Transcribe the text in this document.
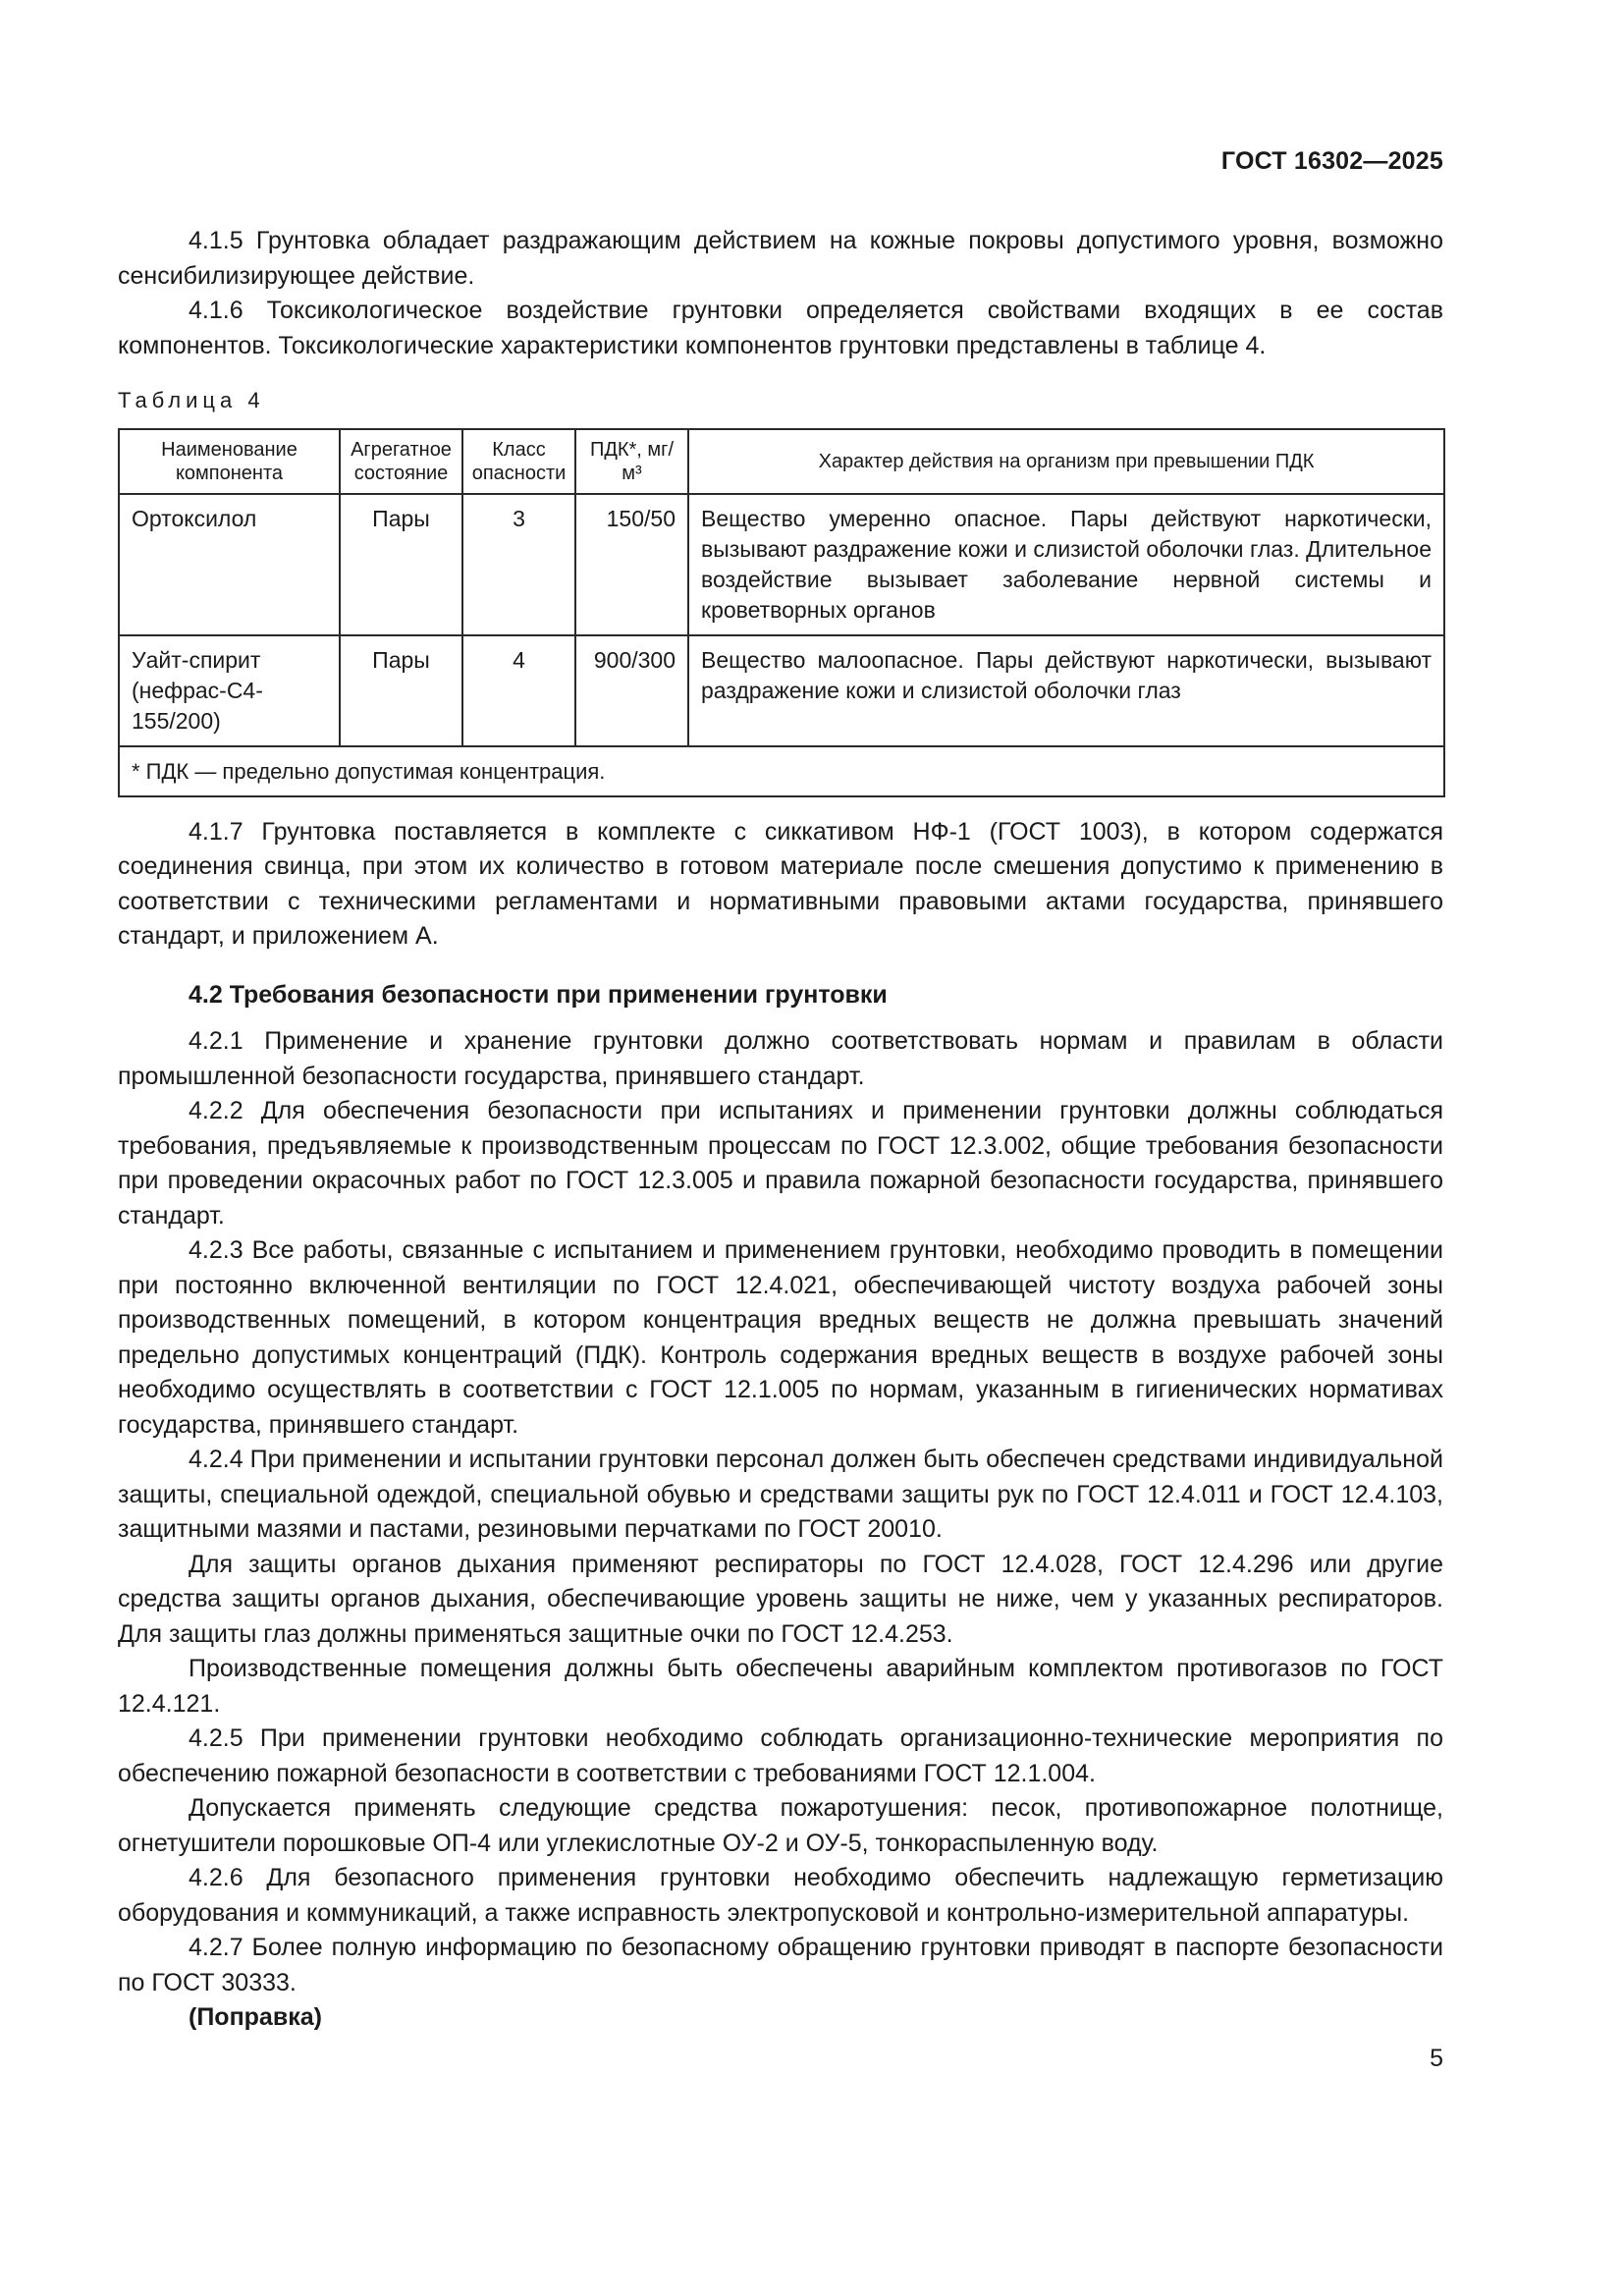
ГОСТ 16302—2025

4.1.5 Грунтовка обладает раздражающим действием на кожные покровы допустимого уровня, возможно сенсибилизирующее действие.

4.1.6 Токсикологическое воздействие грунтовки определяется свойствами входящих в ее состав компонентов. Токсикологические характеристики компонентов грунтовки представлены в таблице 4.

Таблица 4
Наименование компонента	Агрегатное состояние	Класс опасности	ПДК*, мг/м³	Характер действия на организм при превышении ПДК
Ортоксилол	Пары	3	150/50	Вещество умеренно опасное. Пары действуют наркотически, вызывают раздражение кожи и слизистой оболочки глаз. Длительное воздействие вызывает заболевание нервной системы и кроветворных органов
Уайт-спирит (нефрас-С4-155/200)	Пары	4	900/300	Вещество малоопасное. Пары действуют наркотически, вызывают раздражение кожи и слизистой оболочки глаз
* ПДК — предельно допустимая концентрация.				

4.1.7 Грунтовка поставляется в комплекте с сиккативом НФ-1 (ГОСТ 1003), в котором содержатся соединения свинца, при этом их количество в готовом материале после смешения допустимо к применению в соответствии с техническими регламентами и нормативными правовыми актами государства, принявшего стандарт, и приложением А.

4.2 Требования безопасности при применении грунтовки

4.2.1 Применение и хранение грунтовки должно соответствовать нормам и правилам в области промышленной безопасности государства, принявшего стандарт.

4.2.2 Для обеспечения безопасности при испытаниях и применении грунтовки должны соблюдаться требования, предъявляемые к производственным процессам по ГОСТ 12.3.002, общие требования безопасности при проведении окрасочных работ по ГОСТ 12.3.005 и правила пожарной безопасности государства, принявшего стандарт.

4.2.3 Все работы, связанные с испытанием и применением грунтовки, необходимо проводить в помещении при постоянно включенной вентиляции по ГОСТ 12.4.021, обеспечивающей чистоту воздуха рабочей зоны производственных помещений, в котором концентрация вредных веществ не должна превышать значений предельно допустимых концентраций (ПДК). Контроль содержания вредных веществ в воздухе рабочей зоны необходимо осуществлять в соответствии с ГОСТ 12.1.005 по нормам, указанным в гигиенических нормативах государства, принявшего стандарт.

4.2.4 При применении и испытании грунтовки персонал должен быть обеспечен средствами индивидуальной защиты, специальной одеждой, специальной обувью и средствами защиты рук по ГОСТ 12.4.011 и ГОСТ 12.4.103, защитными мазями и пастами, резиновыми перчатками по ГОСТ 20010.

Для защиты органов дыхания применяют респираторы по ГОСТ 12.4.028, ГОСТ 12.4.296 или другие средства защиты органов дыхания, обеспечивающие уровень защиты не ниже, чем у указанных респираторов. Для защиты глаз должны применяться защитные очки по ГОСТ 12.4.253.

Производственные помещения должны быть обеспечены аварийным комплектом противогазов по ГОСТ 12.4.121.

4.2.5 При применении грунтовки необходимо соблюдать организационно-технические мероприятия по обеспечению пожарной безопасности в соответствии с требованиями ГОСТ 12.1.004.

Допускается применять следующие средства пожаротушения: песок, противопожарное полотнище, огнетушители порошковые ОП-4 или углекислотные ОУ-2 и ОУ-5, тонкораспыленную воду.

4.2.6 Для безопасного применения грунтовки необходимо обеспечить надлежащую герметизацию оборудования и коммуникаций, а также исправность электропусковой и контрольно-измерительной аппаратуры.

4.2.7 Более полную информацию по безопасному обращению грунтовки приводят в паспорте безопасности по ГОСТ 30333.

(Поправка)

5
